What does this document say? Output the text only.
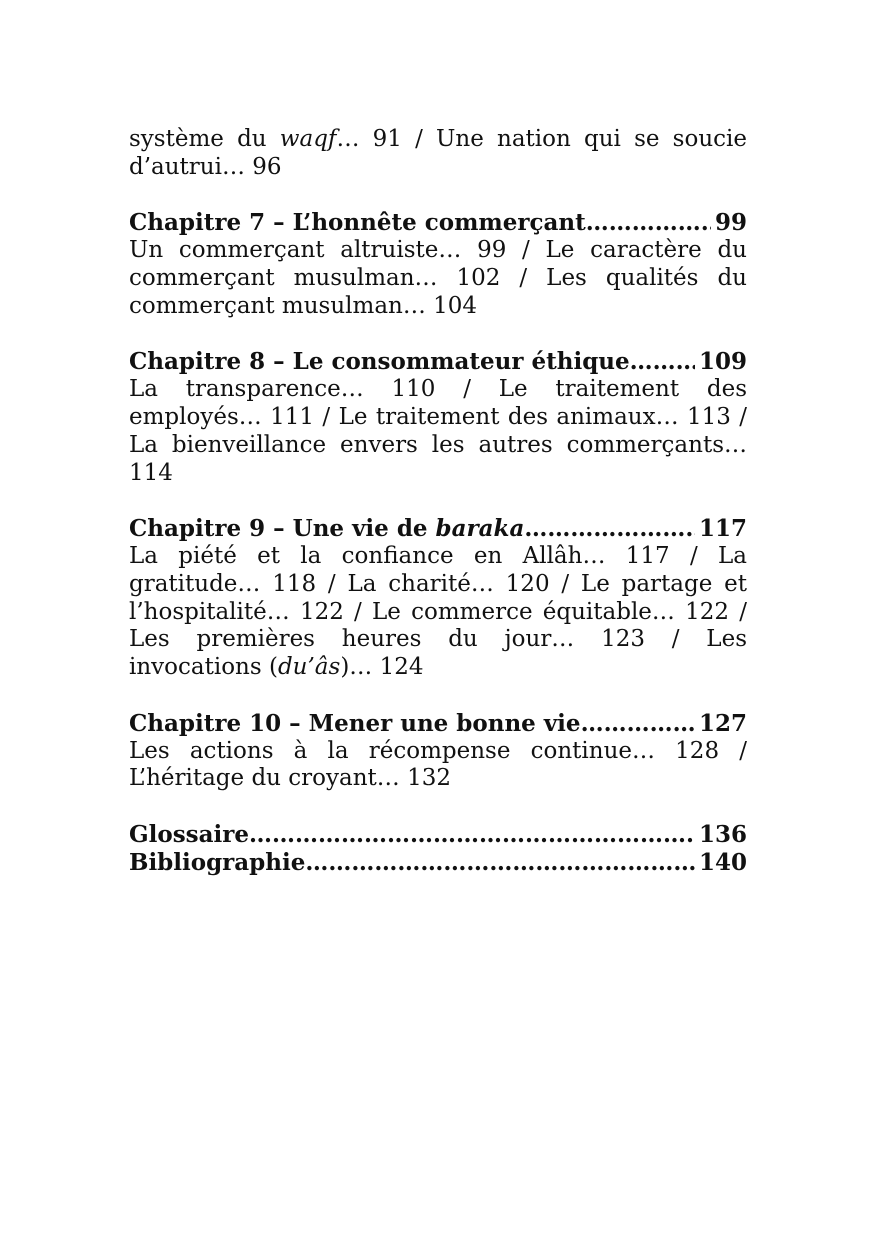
système du waqf… 91 / Une nation qui se soucie d’autrui… 96

Chapitre 7 – L’honnête commerçant ………………………………………………………………………………………………	99
Un commerçant altruiste… 99 / Le caractère du commerçant musulman… 102 / Les qualités du commerçant musulman… 104
Chapitre 8 – Le consommateur éthique ………………………………………………………………………………………………	109
La transparence… 110 / Le traitement des employés… 111 / Le traitement des animaux… 113 / La bienveillance envers les autres commerçants… 114
Chapitre 9 – Une vie de baraka ………………………………………………………………………………………………	117
La piété et la confiance en Allâh… 117 / La gratitude… 118 / La charité… 120 / Le partage et l’hospitalité… 122 / Le commerce équitable… 122 / Les premières heures du jour… 123 / Les invocations (du’âs)… 124
Chapitre 10 – Mener une bonne vie ………………………………………………………………………………………………	127
Les actions à la récompense continue… 128 / L’héritage du croyant… 132
Glossaire ………………………………………………………………………………………………	136
Bibliographie ………………………………………………………………………………………………	140
